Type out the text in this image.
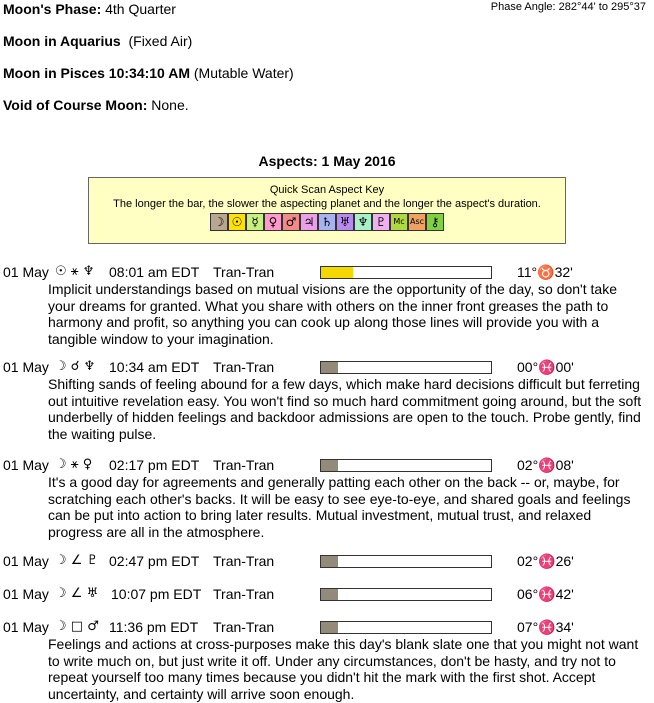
Moon's Phase: 4th Quarter	Phase Angle: 282°44' to 295°37
Moon in Aquarius (Fixed Air)
Moon in Pisces 10:34:10 AM (Mutable Water)
Void of Course Moon: None.
Aspects: 1 May 2016
Quick Scan Aspect Key
The longer the bar, the slower the aspecting planet and the longer the aspect's duration.
☽ ☉ ☿ ♀ ♂ ♃ ♄ ♅ ♆ ♇ Mc Asc ⚷
01 May ☉ ⚹ ♆ 08:01 am EDT Tran-Tran	11°♉32'
Implicit understandings based on mutual visions are the opportunity of the day, so don't take your dreams for granted. What you share with others on the inner front greases the path to harmony and profit, so anything you can cook up along those lines will provide you with a tangible window to your imagination.
01 May ☽ ☌ ♆ 10:34 am EDT Tran-Tran	00°♓00'
Shifting sands of feeling abound for a few days, which make hard decisions difficult but ferreting out intuitive revelation easy. You won't find so much hard commitment going around, but the soft underbelly of hidden feelings and backdoor admissions are open to the touch. Probe gently, find the waiting pulse.
01 May ☽ ⚹ ♀ 02:17 pm EDT Tran-Tran	02°♓08'
It's a good day for agreements and generally patting each other on the back -- or, maybe, for scratching each other's backs. It will be easy to see eye-to-eye, and shared goals and feelings can be put into action to bring later results. Mutual investment, mutual trust, and relaxed progress are all in the atmosphere.
01 May ☽ ∠ ♇ 02:47 pm EDT Tran-Tran	02°♓26'
01 May ☽ ∠ ♅ 10:07 pm EDT Tran-Tran	06°♓42'
01 May ☽ □ ♂ 11:36 pm EDT Tran-Tran	07°♓34'
Feelings and actions at cross-purposes make this day's blank slate one that you might not want to write much on, but just write it off. Under any circumstances, don't be hasty, and try not to repeat yourself too many times because you didn't hit the mark with the first shot. Accept uncertainty, and certainty will arrive soon enough.
